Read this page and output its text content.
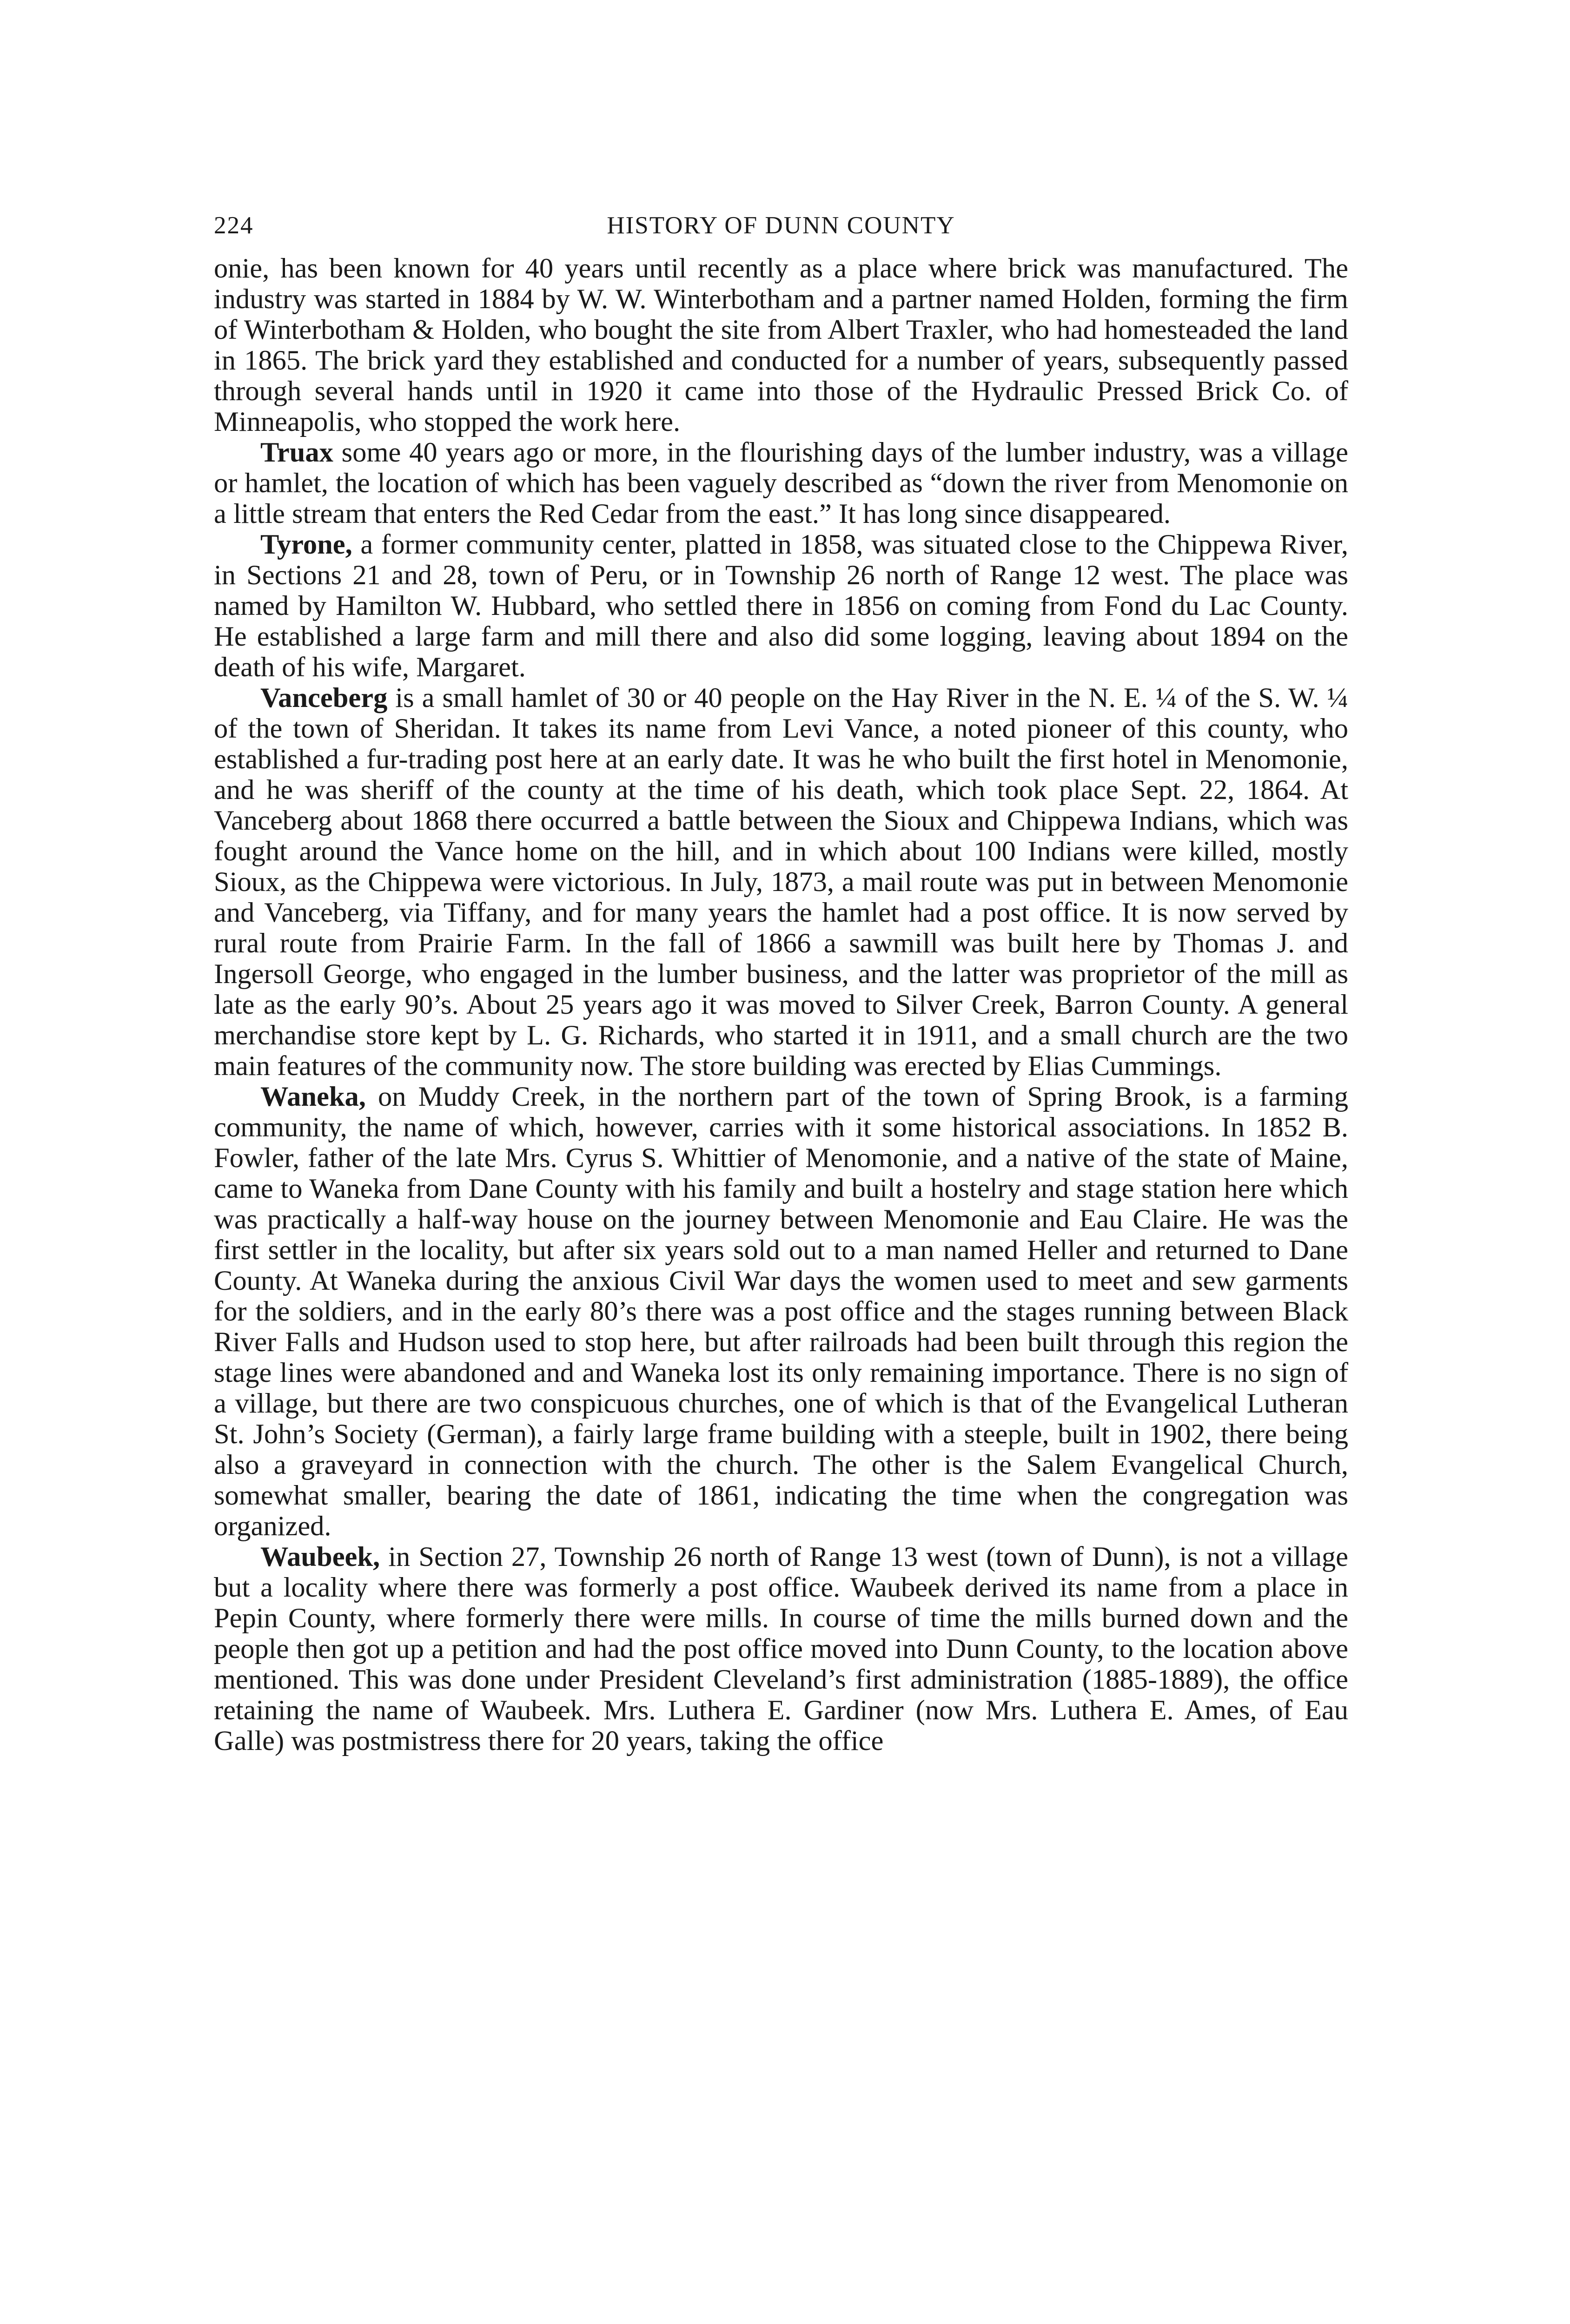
224	HISTORY OF DUNN COUNTY

onie, has been known for 40 years until recently as a place where brick was manufactured. The industry was started in 1884 by W. W. Winterbotham and a partner named Holden, forming the firm of Winterbotham & Holden, who bought the site from Albert Traxler, who had homesteaded the land in 1865. The brick yard they established and conducted for a number of years, subsequently passed through several hands until in 1920 it came into those of the Hydraulic Pressed Brick Co. of Minneapolis, who stopped the work here.

Truax some 40 years ago or more, in the flourishing days of the lumber industry, was a village or hamlet, the location of which has been vaguely described as “down the river from Menomonie on a little stream that enters the Red Cedar from the east.” It has long since disappeared.

Tyrone, a former community center, platted in 1858, was situated close to the Chippewa River, in Sections 21 and 28, town of Peru, or in Township 26 north of Range 12 west. The place was named by Hamilton W. Hubbard, who settled there in 1856 on coming from Fond du Lac County. He established a large farm and mill there and also did some logging, leaving about 1894 on the death of his wife, Margaret.

Vanceberg is a small hamlet of 30 or 40 people on the Hay River in the N. E. ¼ of the S. W. ¼ of the town of Sheridan. It takes its name from Levi Vance, a noted pioneer of this county, who established a fur-trading post here at an early date. It was he who built the first hotel in Menomonie, and he was sheriff of the county at the time of his death, which took place Sept. 22, 1864. At Vanceberg about 1868 there occurred a battle between the Sioux and Chippewa Indians, which was fought around the Vance home on the hill, and in which about 100 Indians were killed, mostly Sioux, as the Chippewa were victorious. In July, 1873, a mail route was put in between Menomonie and Vanceberg, via Tiffany, and for many years the hamlet had a post office. It is now served by rural route from Prairie Farm. In the fall of 1866 a sawmill was built here by Thomas J. and Ingersoll George, who engaged in the lumber business, and the latter was proprietor of the mill as late as the early 90’s. About 25 years ago it was moved to Silver Creek, Barron County. A general merchandise store kept by L. G. Richards, who started it in 1911, and a small church are the two main features of the community now. The store building was erected by Elias Cummings.

Waneka, on Muddy Creek, in the northern part of the town of Spring Brook, is a farming community, the name of which, however, carries with it some historical associations. In 1852 B. Fowler, father of the late Mrs. Cyrus S. Whittier of Menomonie, and a native of the state of Maine, came to Waneka from Dane County with his family and built a hostelry and stage station here which was practically a half-way house on the journey between Menomonie and Eau Claire. He was the first settler in the locality, but after six years sold out to a man named Heller and returned to Dane County. At Waneka during the anxious Civil War days the women used to meet and sew garments for the soldiers, and in the early 80’s there was a post office and the stages running between Black River Falls and Hudson used to stop here, but after railroads had been built through this region the stage lines were abandoned and and Waneka lost its only remaining importance. There is no sign of a village, but there are two conspicuous churches, one of which is that of the Evangelical Lutheran St. John’s Society (German), a fairly large frame building with a steeple, built in 1902, there being also a graveyard in connection with the church. The other is the Salem Evangelical Church, somewhat smaller, bearing the date of 1861, indicating the time when the congregation was organized.

Waubeek, in Section 27, Township 26 north of Range 13 west (town of Dunn), is not a village but a locality where there was formerly a post office. Waubeek derived its name from a place in Pepin County, where formerly there were mills. In course of time the mills burned down and the people then got up a petition and had the post office moved into Dunn County, to the location above mentioned. This was done under President Cleveland’s first administration (1885-1889), the office retaining the name of Waubeek. Mrs. Luthera E. Gardiner (now Mrs. Luthera E. Ames, of Eau Galle) was postmistress there for 20 years, taking the office
